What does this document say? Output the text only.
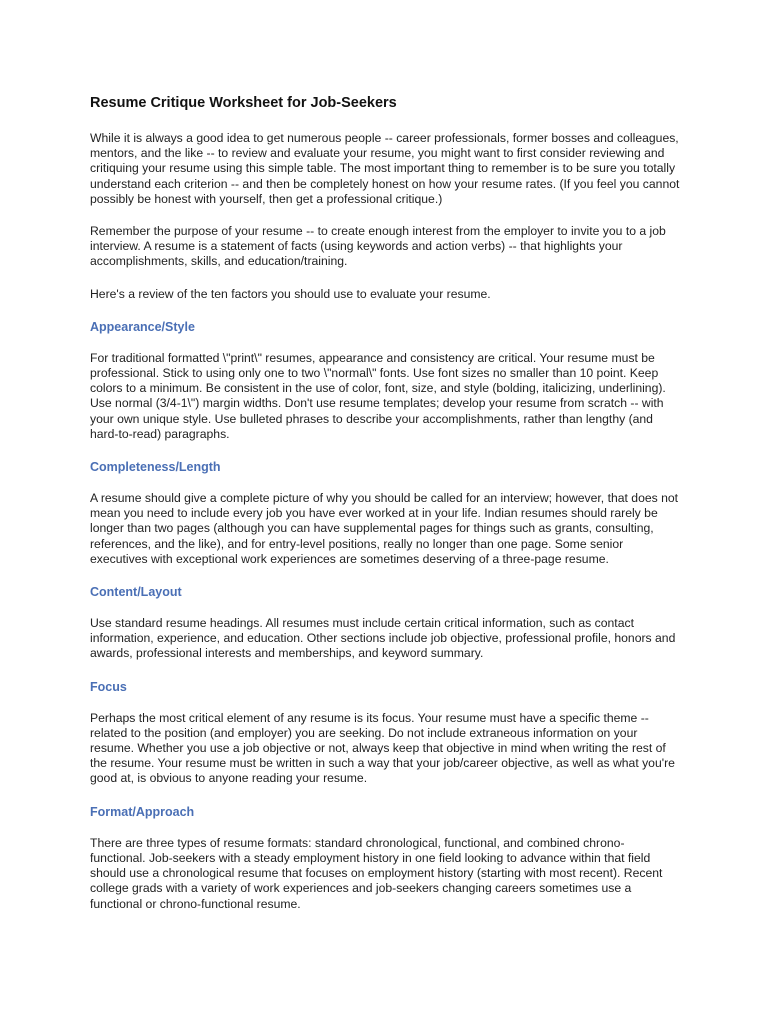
Resume Critique Worksheet for Job-Seekers

While it is always a good idea to get numerous people -- career professionals, former bosses and colleagues, mentors, and the like -- to review and evaluate your resume, you might want to first consider reviewing and critiquing your resume using this simple table. The most important thing to remember is to be sure you totally understand each criterion -- and then be completely honest on how your resume rates. (If you feel you cannot possibly be honest with yourself, then get a professional critique.)

Remember the purpose of your resume -- to create enough interest from the employer to invite you to a job interview. A resume is a statement of facts (using keywords and action verbs) -- that highlights your accomplishments, skills, and education/training.

Here's a review of the ten factors you should use to evaluate your resume.

Appearance/Style

For traditional formatted \"print\" resumes, appearance and consistency are critical. Your resume must be professional. Stick to using only one to two \"normal\" fonts. Use font sizes no smaller than 10 point. Keep colors to a minimum. Be consistent in the use of color, font, size, and style (bolding, italicizing, underlining). Use normal (3/4-1\") margin widths. Don't use resume templates; develop your resume from scratch -- with your own unique style. Use bulleted phrases to describe your accomplishments, rather than lengthy (and hard-to-read) paragraphs.

Completeness/Length

A resume should give a complete picture of why you should be called for an interview; however, that does not mean you need to include every job you have ever worked at in your life. Indian resumes should rarely be longer than two pages (although you can have supplemental pages for things such as grants, consulting, references, and the like), and for entry-level positions, really no longer than one page. Some senior executives with exceptional work experiences are sometimes deserving of a three-page resume.

Content/Layout

Use standard resume headings. All resumes must include certain critical information, such as contact information, experience, and education. Other sections include job objective, professional profile, honors and awards, professional interests and memberships, and keyword summary.

Focus

Perhaps the most critical element of any resume is its focus. Your resume must have a specific theme -- related to the position (and employer) you are seeking. Do not include extraneous information on your resume. Whether you use a job objective or not, always keep that objective in mind when writing the rest of the resume. Your resume must be written in such a way that your job/career objective, as well as what you're good at, is obvious to anyone reading your resume.

Format/Approach

There are three types of resume formats: standard chronological, functional, and combined chrono-functional. Job-seekers with a steady employment history in one field looking to advance within that field should use a chronological resume that focuses on employment history (starting with most recent). Recent college grads with a variety of work experiences and job-seekers changing careers sometimes use a functional or chrono-functional resume.
